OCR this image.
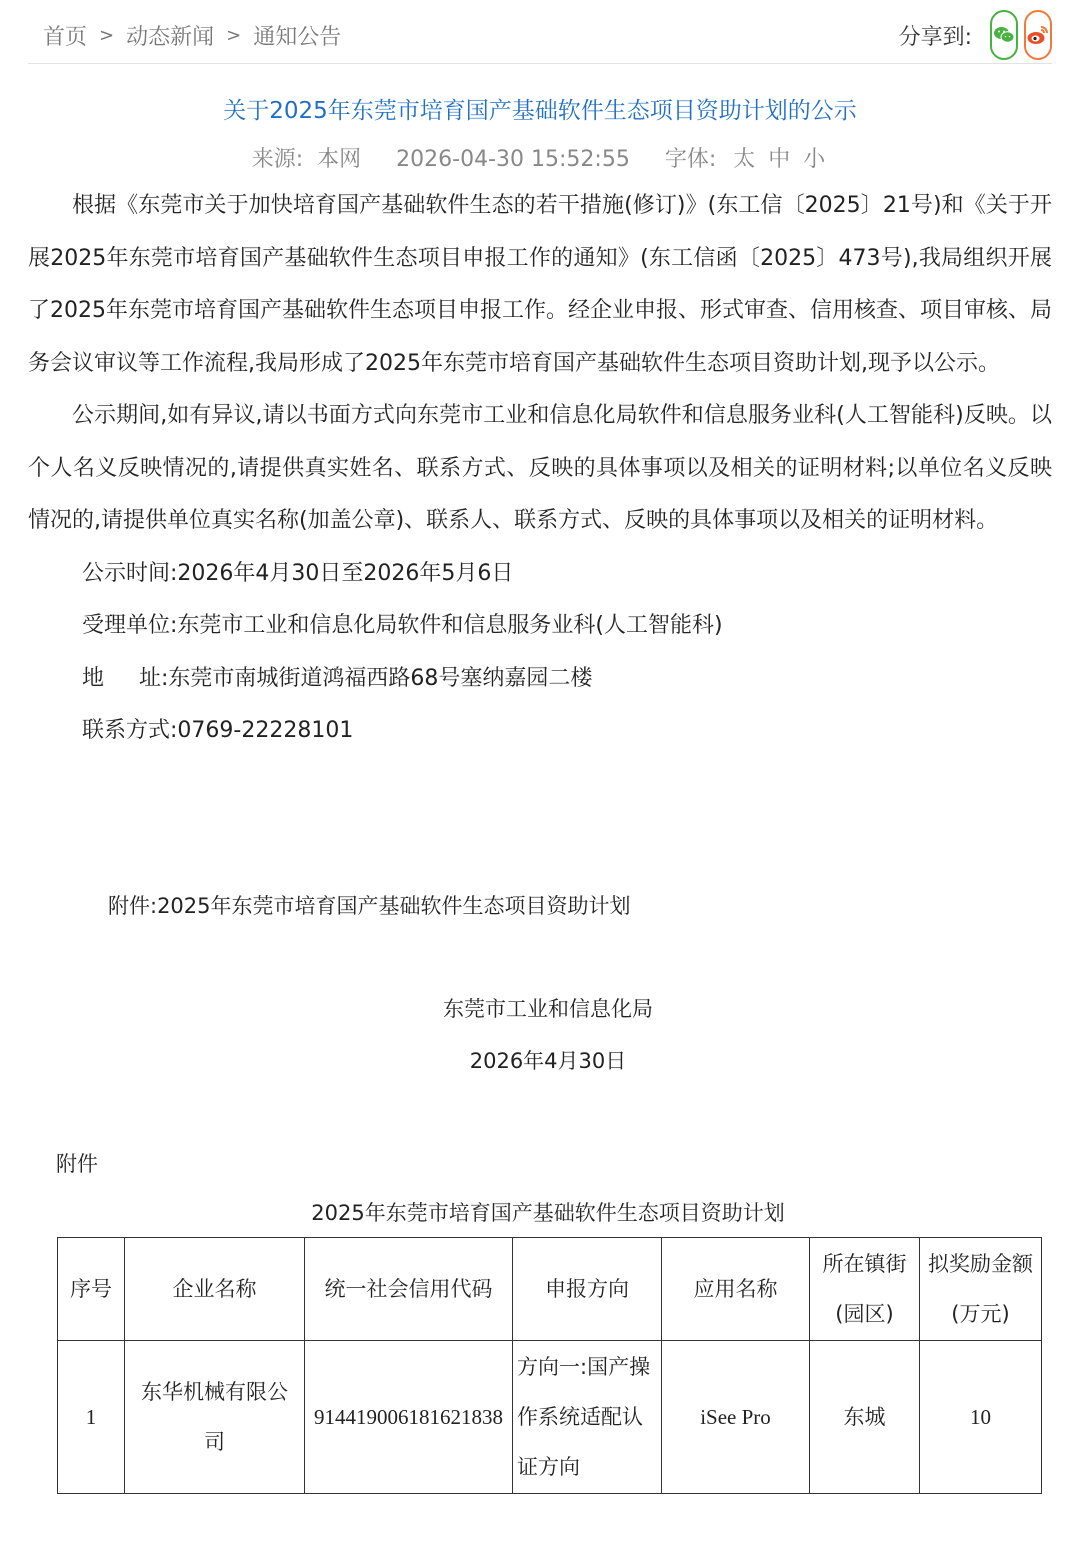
首页 > 动态新闻 > 通知公告	分享到:
关于2025年东莞市培育国产基础软件生态项目资助计划的公示
来源: 本网 2026-04-30 15:52:55 字体: 太 中 小

根据《东莞市关于加快培育国产基础软件生态的若干措施(修订)》(东工信〔2025〕21号)和《关于开展2025年东莞市培育国产基础软件生态项目申报工作的通知》(东工信函〔2025〕473号),我局组织开展了2025年东莞市培育国产基础软件生态项目申报工作。经企业申报、形式审查、信用核查、项目审核、局务会议审议等工作流程,我局形成了2025年东莞市培育国产基础软件生态项目资助计划,现予以公示。

公示期间,如有异议,请以书面方式向东莞市工业和信息化局软件和信息服务业科(人工智能科)反映。以个人名义反映情况的,请提供真实姓名、联系方式、反映的具体事项以及相关的证明材料;以单位名义反映情况的,请提供单位真实名称(加盖公章)、联系人、联系方式、反映的具体事项以及相关的证明材料。

公示时间:2026年4月30日至2026年5月6日
受理单位:东莞市工业和信息化局软件和信息服务业科(人工智能科)
地     址:东莞市南城街道鸿福西路68号塞纳嘉园二楼
联系方式:0769-22228101
附件:2025年东莞市培育国产基础软件生态项目资助计划
东莞市工业和信息化局
2026年4月30日
附件
2025年东莞市培育国产基础软件生态项目资助计划
序号	企业名称	统一社会信用代码	申报方向	应用名称	所在镇街(园区)	拟奖励金额(万元)
1	东华机械有限公司	914419006181621838	方向一:国产操作系统适配认证方向	iSee Pro	东城	10
